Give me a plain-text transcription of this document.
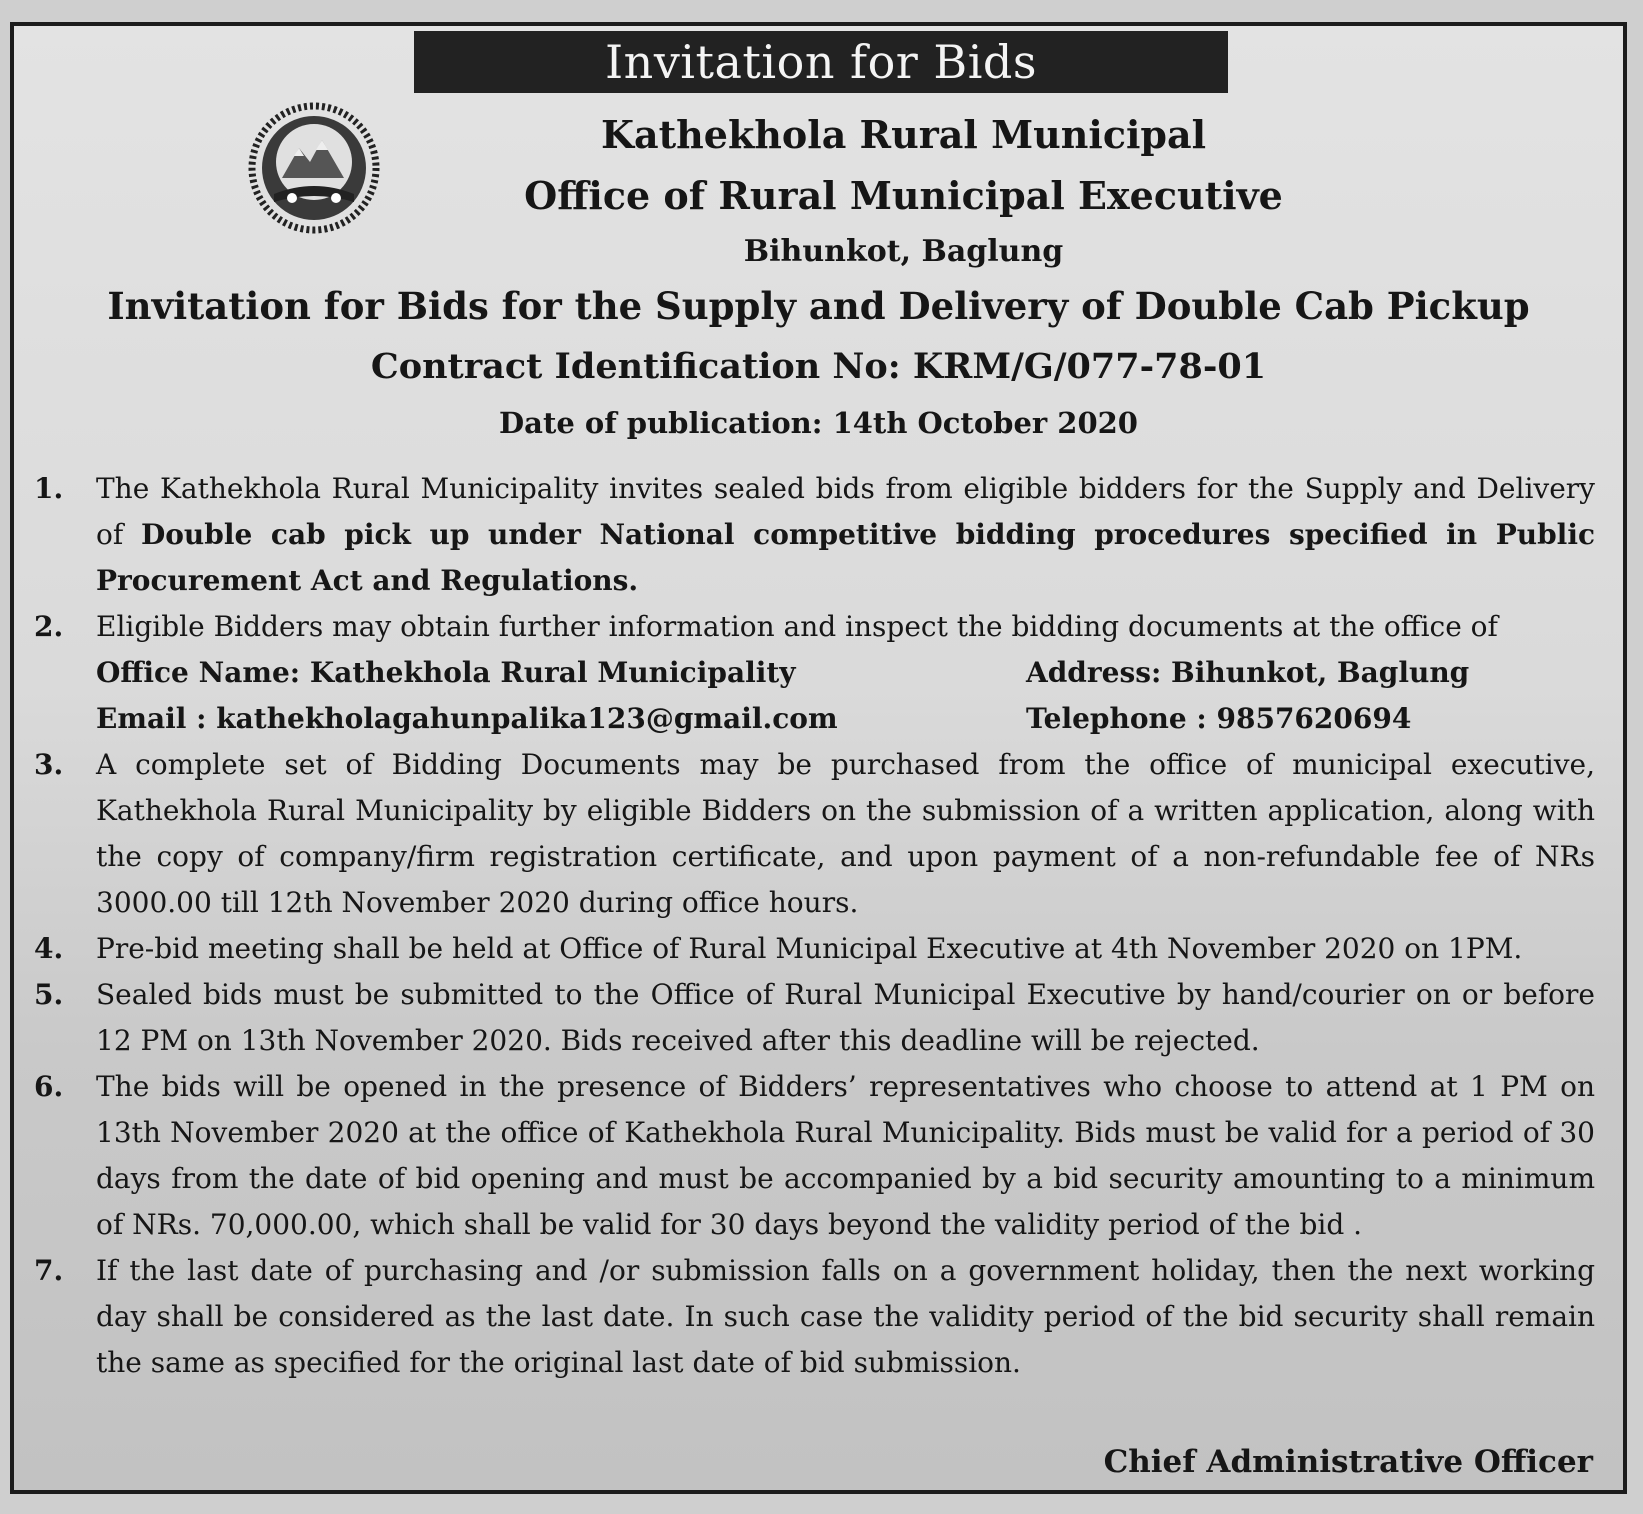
Invitation for Bids
Kathekhola Rural Municipal
Office of Rural Municipal Executive
Bihunkot, Baglung
Invitation for Bids for the Supply and Delivery of Double Cab Pickup
Contract Identification No: KRM/G/077-78-01
Date of publication: 14th October 2020
1. The Kathekhola Rural Municipality invites sealed bids from eligible bidders for the Supply and Delivery of Double cab pick up under National competitive bidding procedures specified in Public Procurement Act and Regulations.
2. Eligible Bidders may obtain further information and inspect the bidding documents at the office of
Office Name: Kathekhola Rural Municipality	Address: Bihunkot, Baglung
Email : kathekholagahunpalika123@gmail.com	Telephone : 9857620694
3. A complete set of Bidding Documents may be purchased from the office of municipal executive, Kathekhola Rural Municipality by eligible Bidders on the submission of a written application, along with the copy of company/firm registration certificate, and upon payment of a non-refundable fee of NRs 3000.00 till 12th November 2020 during office hours.
4. Pre-bid meeting shall be held at Office of Rural Municipal Executive at 4th November 2020 on 1PM.
5. Sealed bids must be submitted to the Office of Rural Municipal Executive by hand/courier on or before 12 PM on 13th November 2020. Bids received after this deadline will be rejected.
6. The bids will be opened in the presence of Bidders’ representatives who choose to attend at 1 PM on 13th November 2020 at the office of Kathekhola Rural Municipality. Bids must be valid for a period of 30 days from the date of bid opening and must be accompanied by a bid security amounting to a minimum of NRs. 70,000.00, which shall be valid for 30 days beyond the validity period of the bid .
7. If the last date of purchasing and /or submission falls on a government holiday, then the next working day shall be considered as the last date. In such case the validity period of the bid security shall remain the same as specified for the original last date of bid submission.
Chief Administrative Officer
